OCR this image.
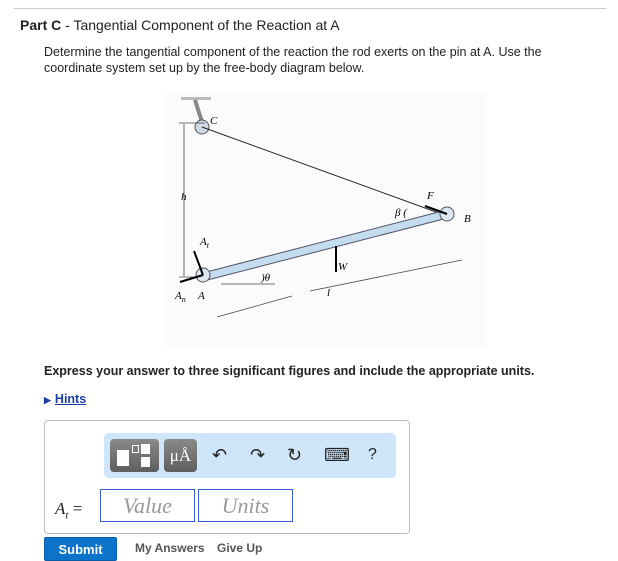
Part C - Tangential Component of the Reaction at A
Determine the tangential component of the reaction the rod exerts on the pin at A. Use the coordinate system set up by the free-body diagram below.
C
B
F
β (
h
$A_t$
$A_n$ A
)θ
W
l
Express your answer to three significant figures and include the appropriate units.
▶ Hints
μÅ	↶ ↷ ↻ ⌨ ?
$A_t$ =	Value	Units
Submit	My Answers Give Up
